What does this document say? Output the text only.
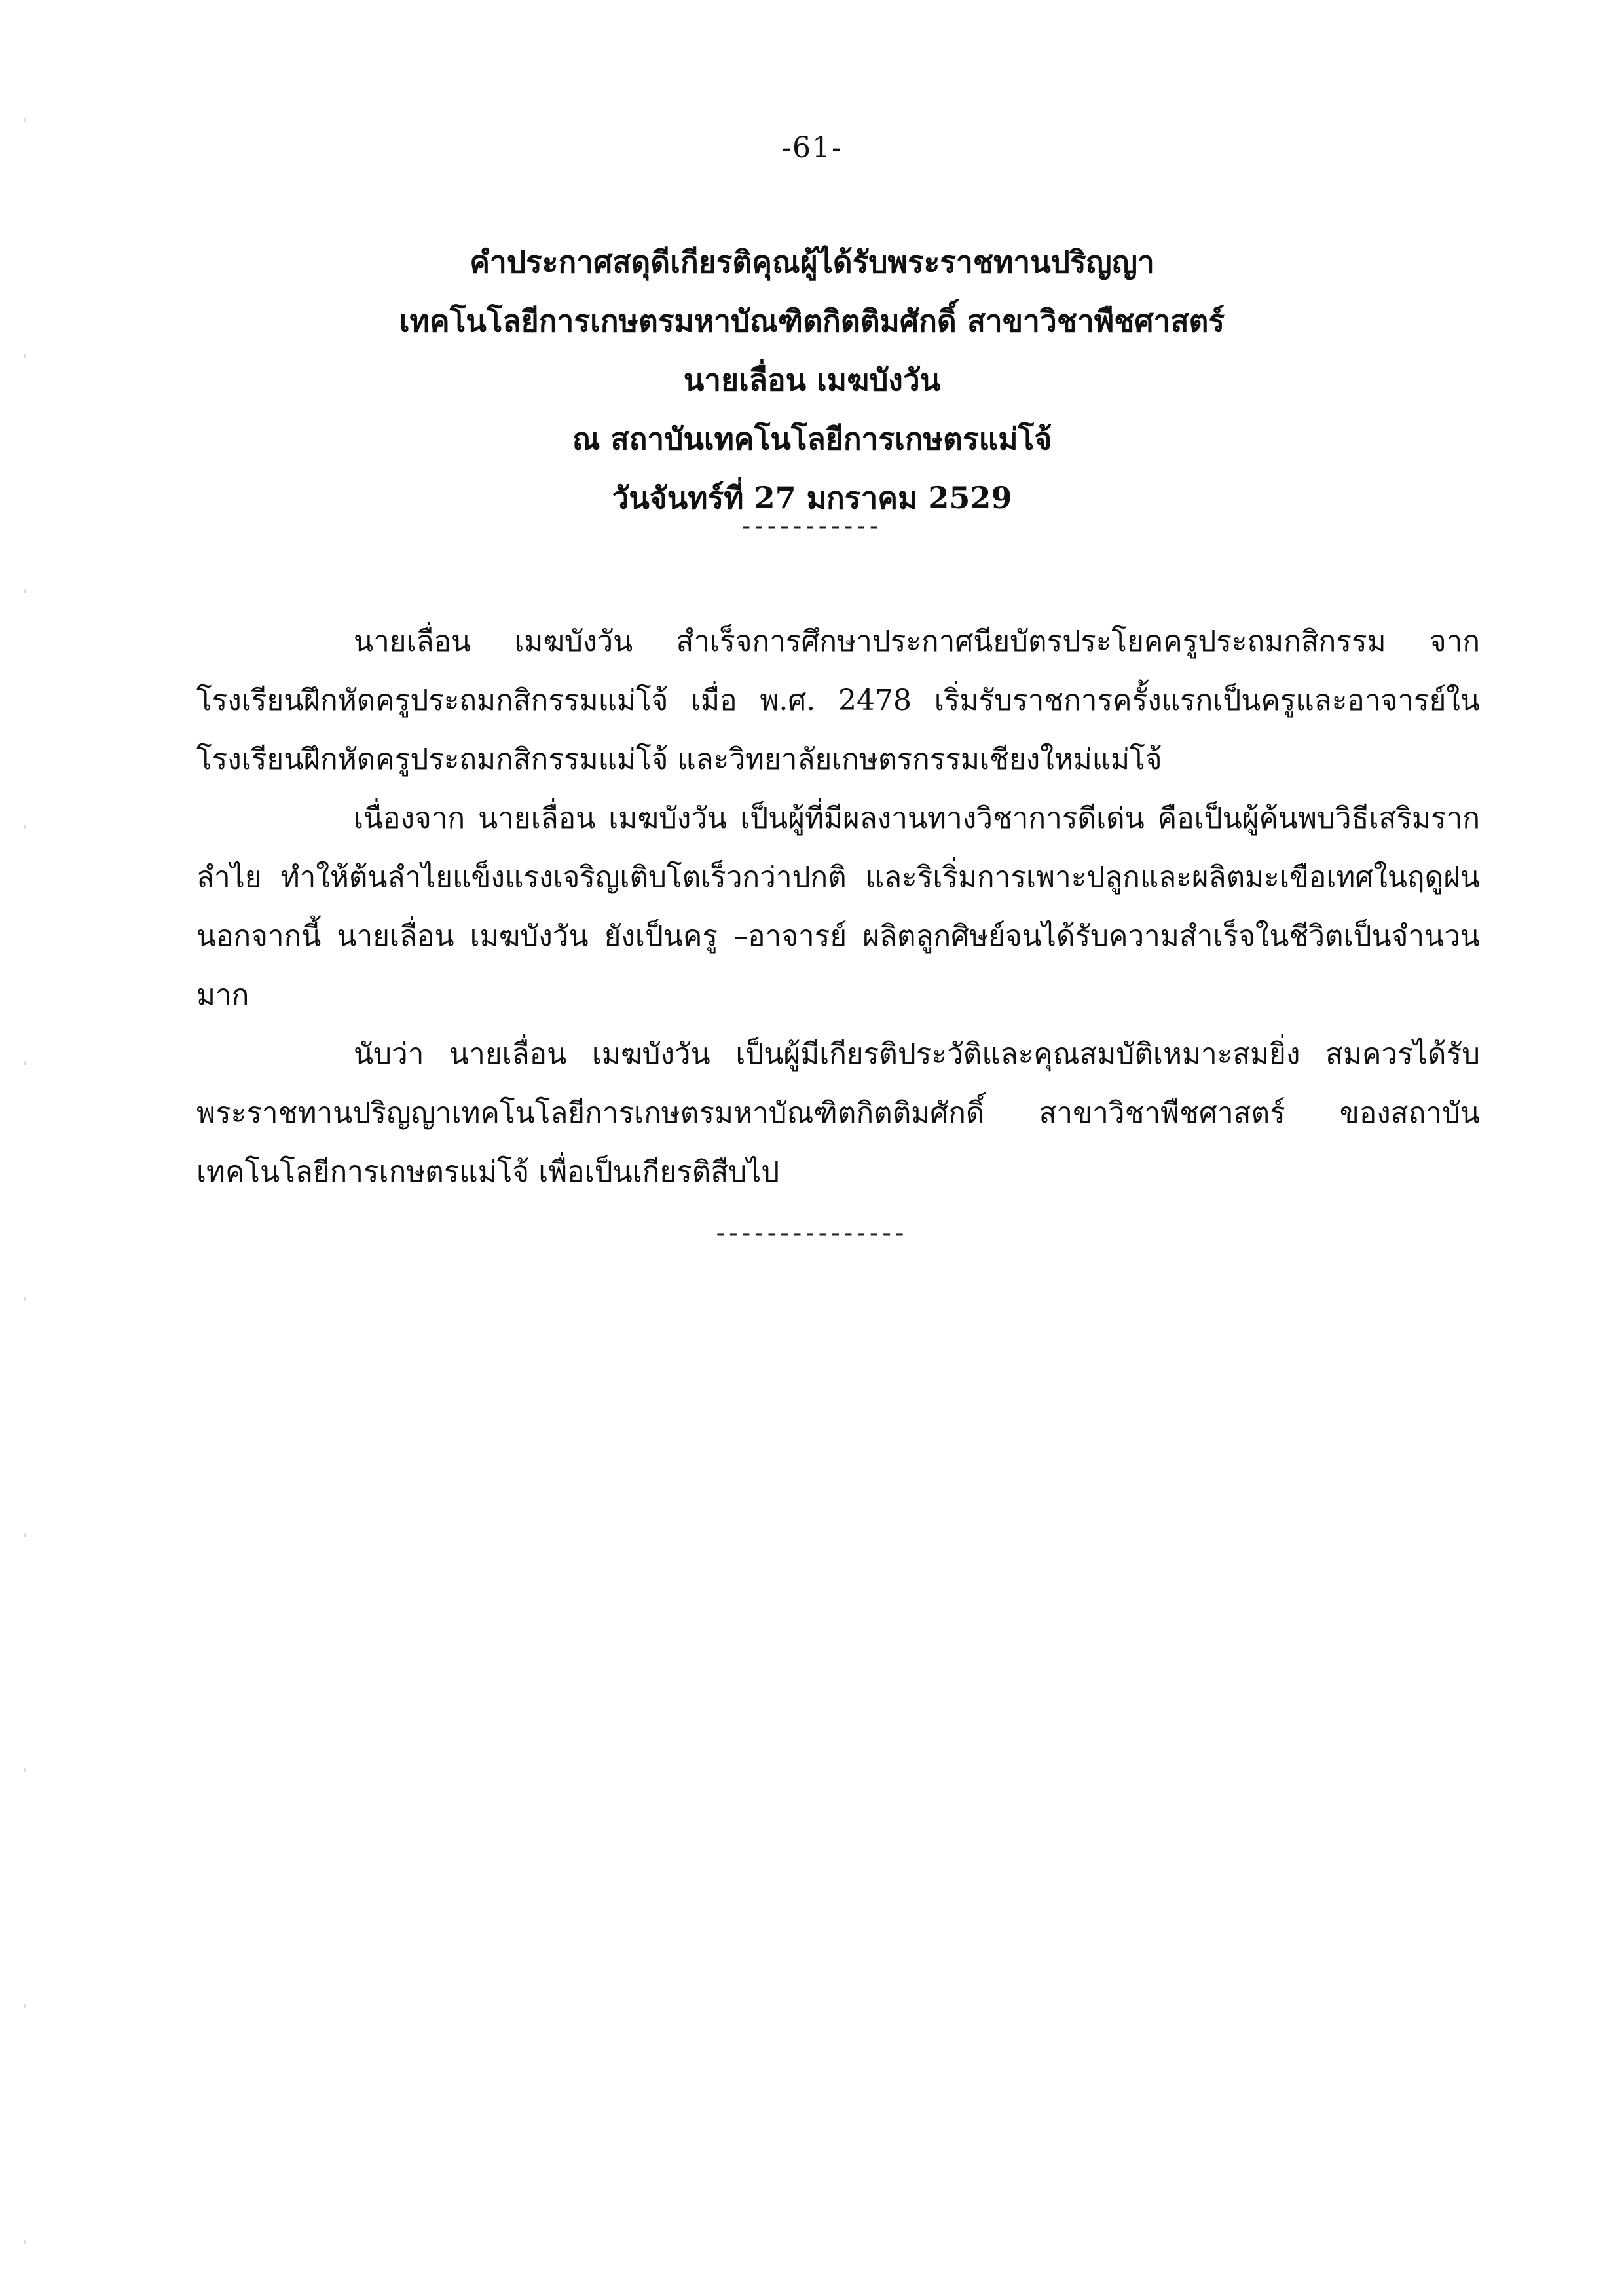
-61-
คำประกาศสดุดีเกียรติคุณผู้ได้รับพระราชทานปริญญา
เทคโนโลยีการเกษตรมหาบัณฑิตกิตติมศักดิ์ สาขาวิชาพืชศาสตร์
นายเลื่อน เมฆบังวัน
ณ สถาบันเทคโนโลยีการเกษตรแม่โจ้
วันจันทร์ที่ 27 มกราคม 2529
-----------

นายเลื่อน เมฆบังวัน สำเร็จการศึกษาประกาศนียบัตรประโยคครูประถมกสิกรรม จากโรงเรียนฝึกหัดครูประถมกสิกรรมแม่โจ้ เมื่อ พ.ศ. 2478 เริ่มรับราชการครั้งแรกเป็นครูและอาจารย์ในโรงเรียนฝึกหัดครูประถมกสิกรรมแม่โจ้ และวิทยาลัยเกษตรกรรมเชียงใหม่แม่โจ้

เนื่องจาก นายเลื่อน เมฆบังวัน เป็นผู้ที่มีผลงานทางวิชาการดีเด่น คือเป็นผู้ค้นพบวิธีเสริมรากลำไย ทำให้ต้นลำไยแข็งแรงเจริญเติบโตเร็วกว่าปกติ และริเริ่มการเพาะปลูกและผลิตมะเขือเทศในฤดูฝน นอกจากนี้ นายเลื่อน เมฆบังวัน ยังเป็นครู –อาจารย์ ผลิตลูกศิษย์จนได้รับความสำเร็จในชีวิตเป็นจำนวนมาก

นับว่า นายเลื่อน เมฆบังวัน เป็นผู้มีเกียรติประวัติและคุณสมบัติเหมาะสมยิ่ง สมควรได้รับพระราชทานปริญญาเทคโนโลยีการเกษตรมหาบัณฑิตกิตติมศักดิ์ สาขาวิชาพืชศาสตร์ ของสถาบันเทคโนโลยีการเกษตรแม่โจ้ เพื่อเป็นเกียรติสืบไป

---------------
